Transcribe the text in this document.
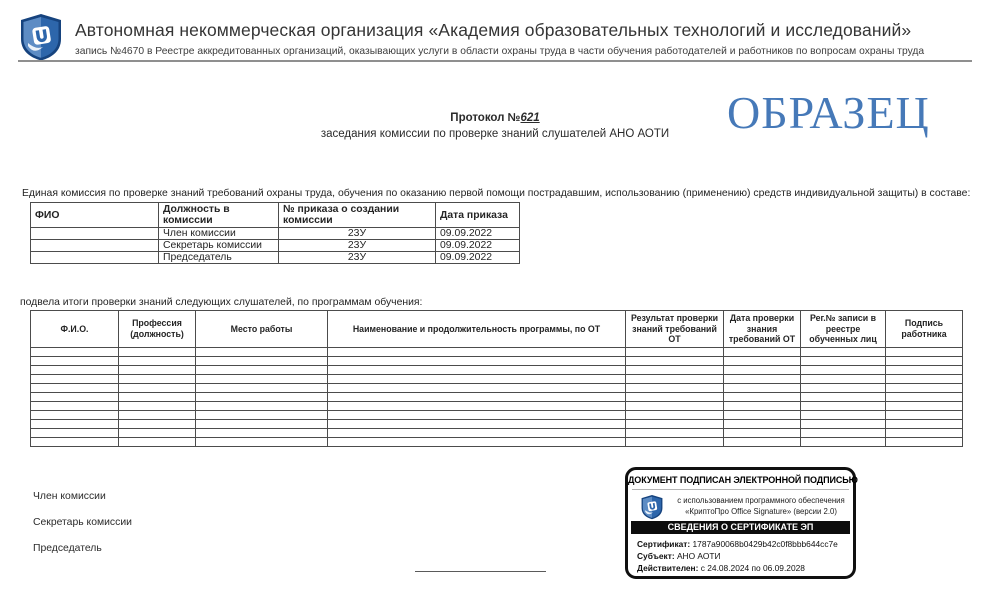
Автономная некоммерческая организация «Академия образовательных технологий и исследований»
запись №4670 в Реестре аккредитованных организаций, оказывающих услуги в области охраны труда в части обучения работодателей и работников по вопросам охраны труда
ОБРАЗЕЦ
Протокол №621
заседания комиссии по проверке знаний слушателей АНО АОТИ
Единая комиссия по проверке знаний требований охраны труда, обучения по оказанию первой помощи пострадавшим, использованию (применению) средств индивидуальной защиты) в составе:
ФИО	Должность в комиссии	№ приказа о создании комиссии	Дата приказа
	Член комиссии	23У	09.09.2022
	Секретарь комиссии	23У	09.09.2022
	Председатель	23У	09.09.2022
подвела итоги проверки знаний следующих слушателей, по программам обучения:
Ф.И.О.	Профессия (должность)	Место работы	Наименование и продолжительность программы, по ОТ	Результат проверки знаний требований ОТ	Дата проверки знания требований ОТ	Рег.№ записи в реестре обученных лиц	Подпись работника

Член комиссии
Секретарь комиссии
Председатель
ДОКУМЕНТ ПОДПИСАН ЭЛЕКТРОННОЙ ПОДПИСЬЮ
с использованием программного обеспечения
«КриптоПро Office Signature» (версии 2.0)
СВЕДЕНИЯ О СЕРТИФИКАТЕ ЭП
Сертификат: 1787a90068b0429b42c0f8bbb644cc7e
Субъект: АНО АОТИ
Действителен: с 24.08.2024 по 06.09.2028
